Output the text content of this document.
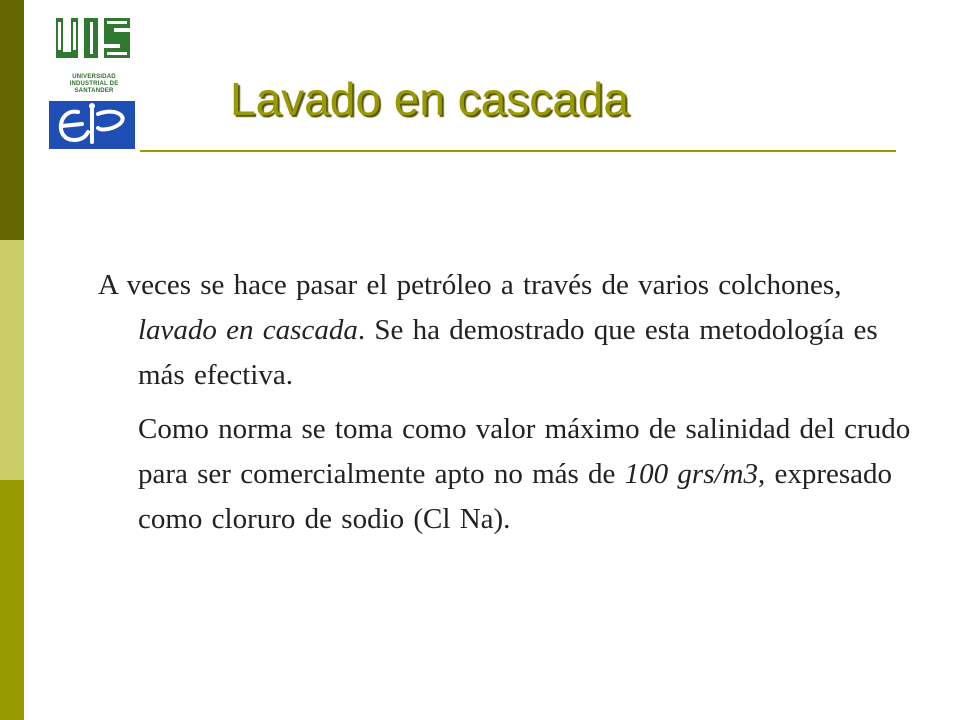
UNIVERSIDAD
INDUSTRIAL DE
SANTANDER	Lavado en cascada

A veces se hace pasar el petróleo a través de varios colchones, lavado en cascada. Se ha demostrado que esta metodología es más efectiva.

Como norma se toma como valor máximo de salinidad del crudo para ser comercialmente apto no más de 100 grs/m3, expresado como cloruro de sodio (Cl Na).
